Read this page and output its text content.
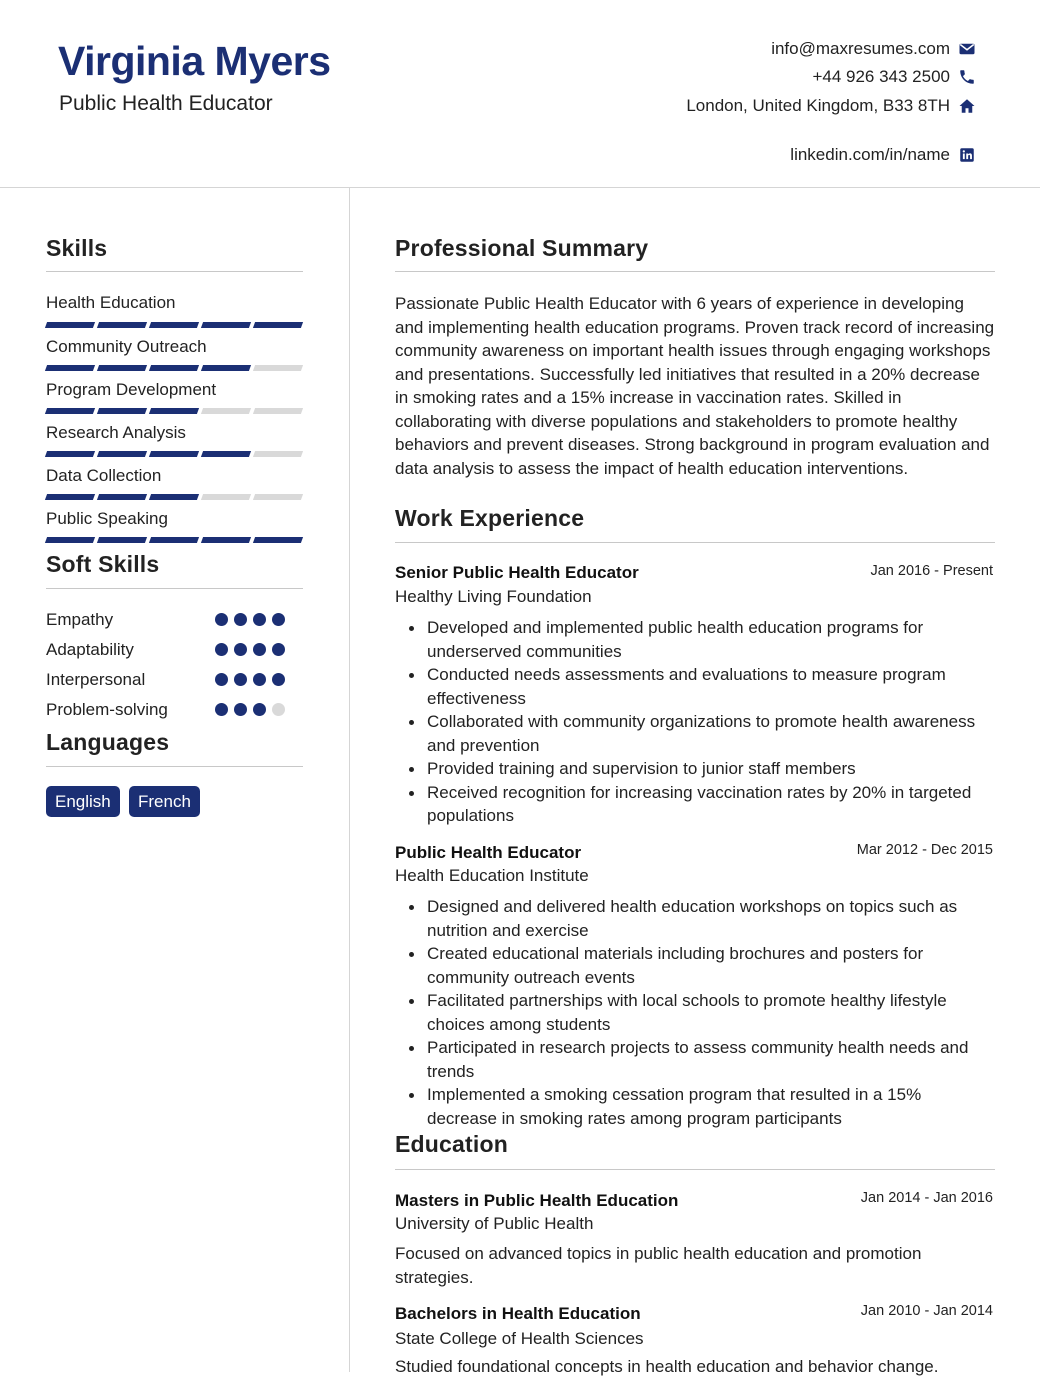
Virginia Myers
Public Health Educator
info@maxresumes.com
+44 926 343 2500
London, United Kingdom, B33 8TH
linkedin.com/in/name
Skills
Health Education
Community Outreach
Program Development
Research Analysis
Data Collection
Public Speaking
Soft Skills
Empathy
Adaptability
Interpersonal
Problem-solving
Languages
English	French
Professional Summary
Passionate Public Health Educator with 6 years of experience in developing and implementing health education programs. Proven track record of increasing community awareness on important health issues through engaging workshops and presentations. Successfully led initiatives that resulted in a 20% decrease in smoking rates and a 15% increase in vaccination rates. Skilled in collaborating with diverse populations and stakeholders to promote healthy behaviors and prevent diseases. Strong background in program evaluation and data analysis to assess the impact of health education interventions.
Work Experience
Senior Public Health Educator	Jan 2016 - Present
Healthy Living Foundation
Developed and implemented public health education programs for underserved communities
Conducted needs assessments and evaluations to measure program effectiveness
Collaborated with community organizations to promote health awareness and prevention
Provided training and supervision to junior staff members
Received recognition for increasing vaccination rates by 20% in targeted populations
Public Health Educator	Mar 2012 - Dec 2015
Health Education Institute
Designed and delivered health education workshops on topics such as nutrition and exercise
Created educational materials including brochures and posters for community outreach events
Facilitated partnerships with local schools to promote healthy lifestyle choices among students
Participated in research projects to assess community health needs and trends
Implemented a smoking cessation program that resulted in a 15% decrease in smoking rates among program participants
Education
Masters in Public Health Education	Jan 2014 - Jan 2016
University of Public Health
Focused on advanced topics in public health education and promotion strategies.
Bachelors in Health Education	Jan 2010 - Jan 2014
State College of Health Sciences
Studied foundational concepts in health education and behavior change.
